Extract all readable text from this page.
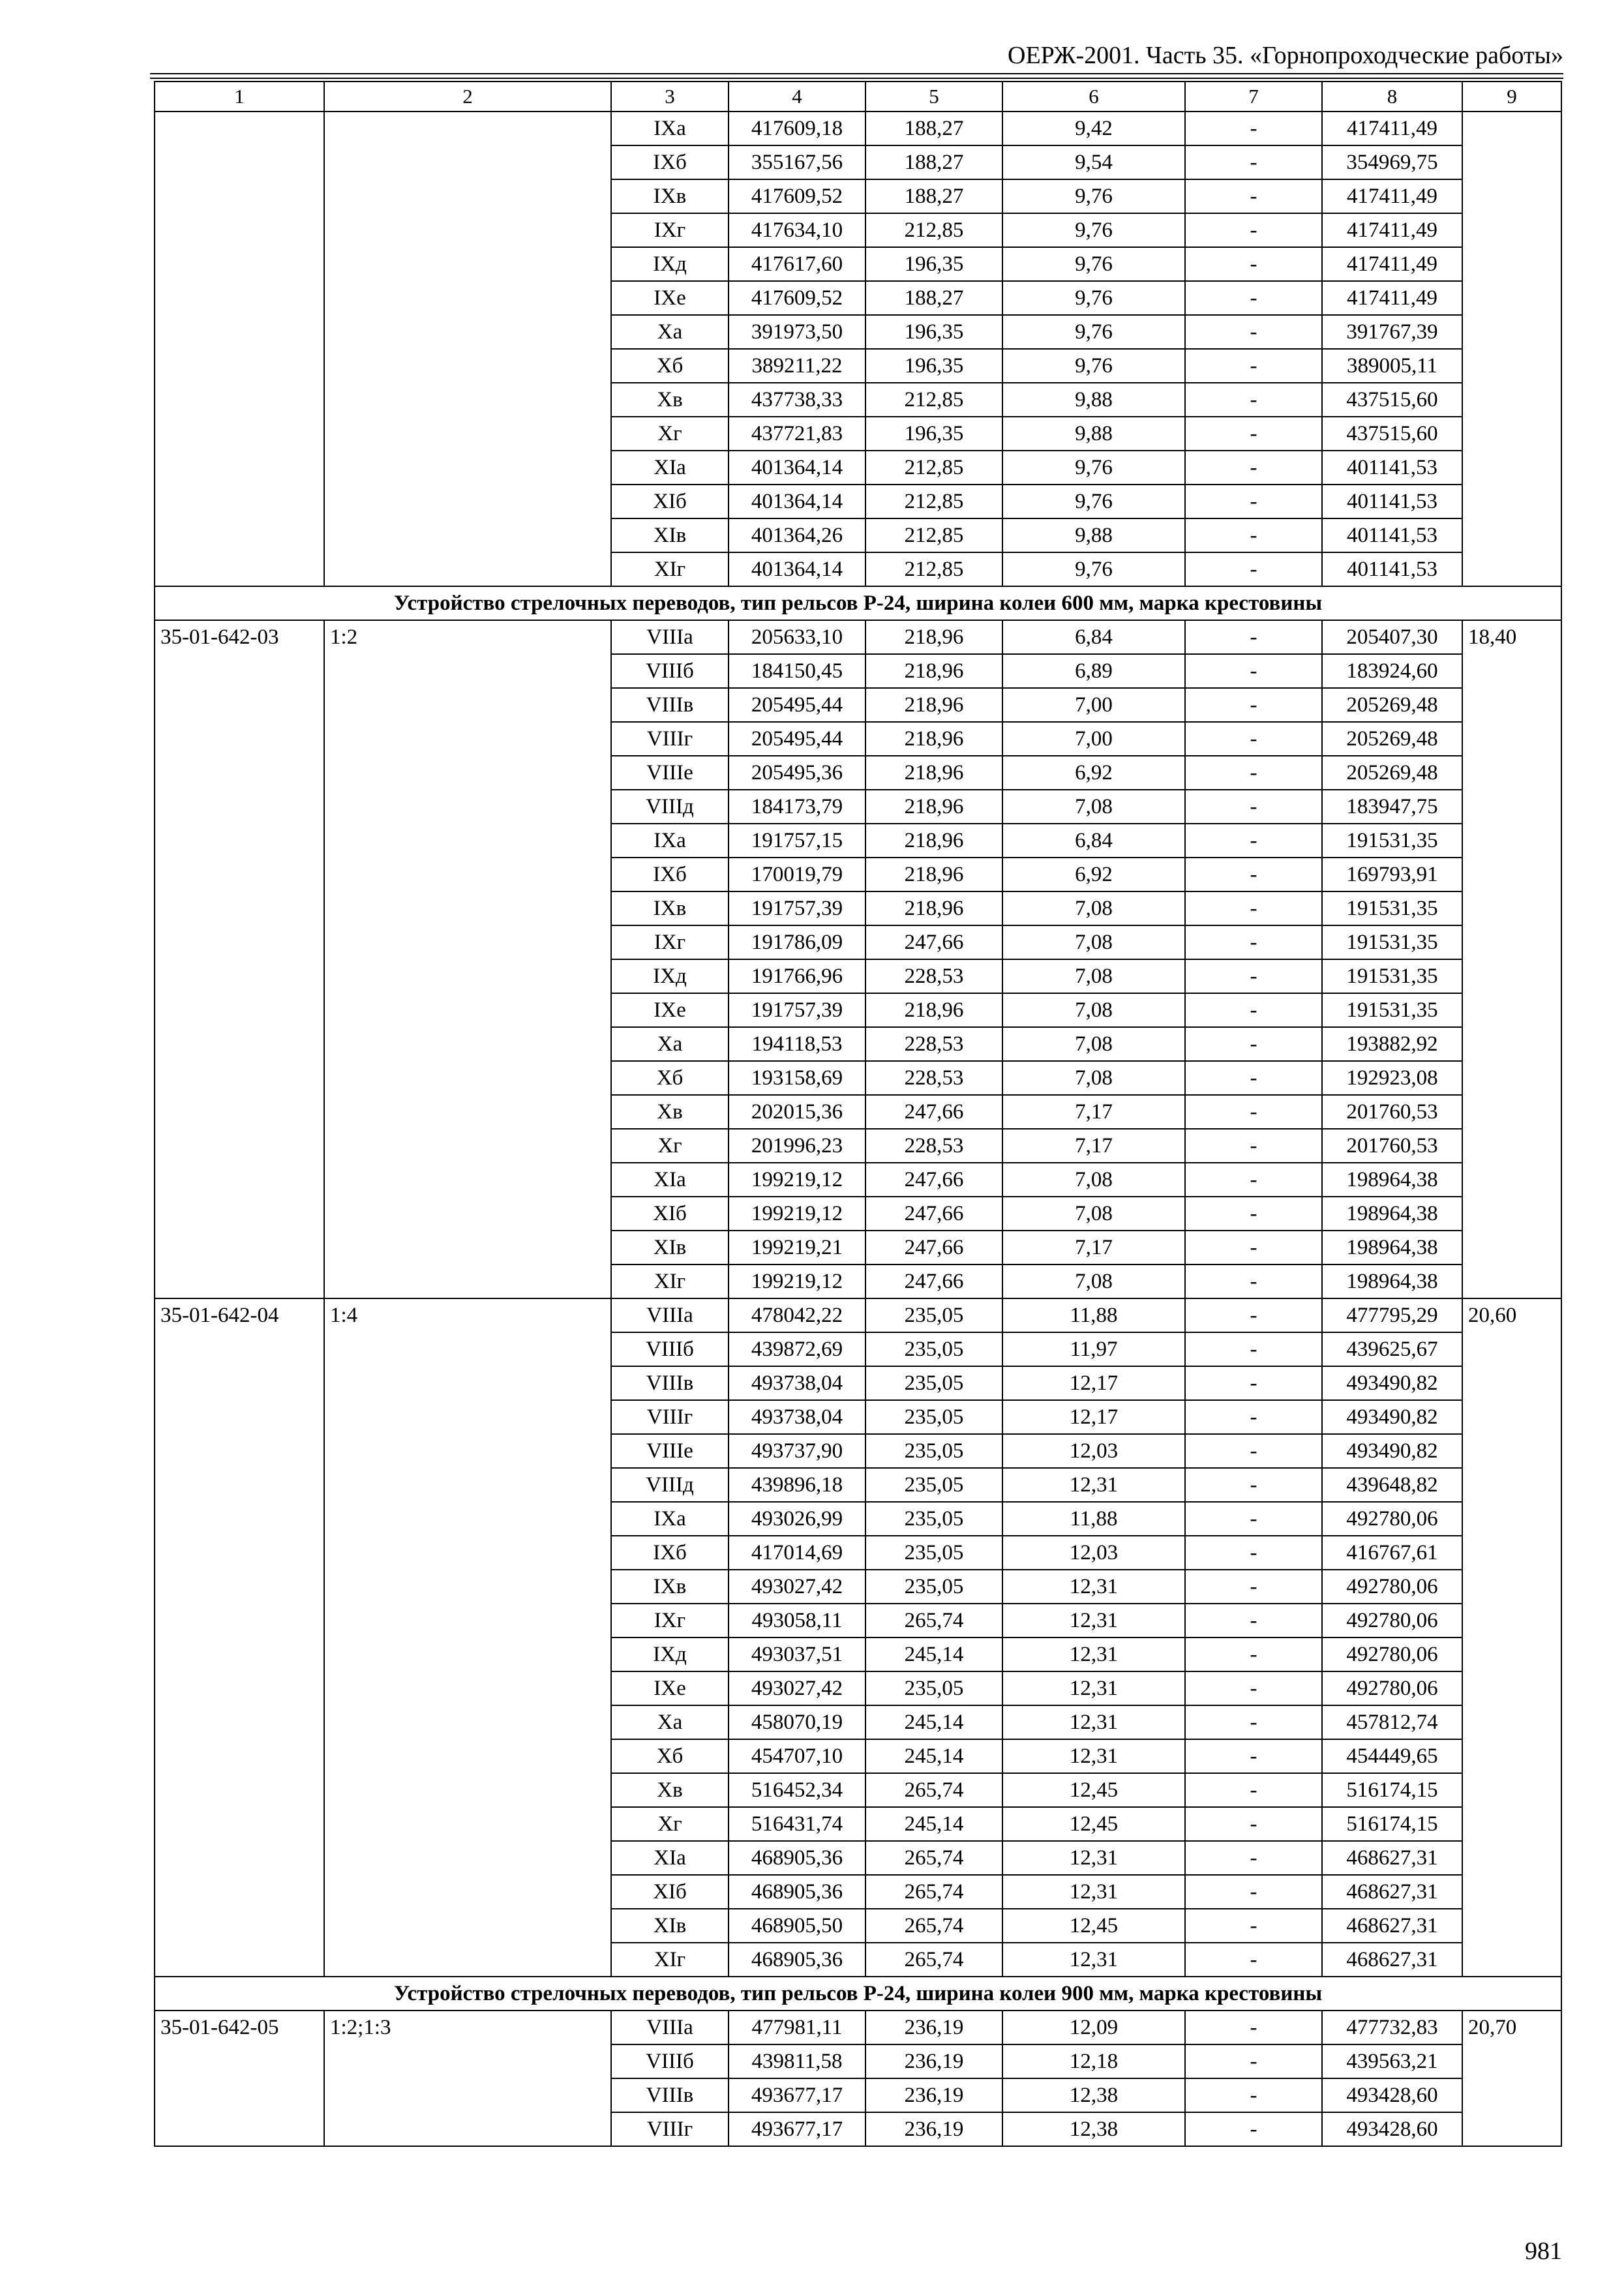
ОЕРЖ-2001. Часть 35. «Горнопроходческие работы»
1	2	3	4	5	6	7	8	9
		IXа	417609,18	188,27	9,42	-	417411,49	
		IXб	355167,56	188,27	9,54	-	354969,75	
		IXв	417609,52	188,27	9,76	-	417411,49	
		IXг	417634,10	212,85	9,76	-	417411,49	
		IXд	417617,60	196,35	9,76	-	417411,49	
		IXе	417609,52	188,27	9,76	-	417411,49	
		Xа	391973,50	196,35	9,76	-	391767,39	
		Xб	389211,22	196,35	9,76	-	389005,11	
		Xв	437738,33	212,85	9,88	-	437515,60	
		Xг	437721,83	196,35	9,88	-	437515,60	
		XIа	401364,14	212,85	9,76	-	401141,53	
		XIб	401364,14	212,85	9,76	-	401141,53	
		XIв	401364,26	212,85	9,88	-	401141,53	
		XIг	401364,14	212,85	9,76	-	401141,53	
Устройство стрелочных переводов, тип рельсов Р-24, ширина колеи 600 мм, марка крестовины								
35-01-642-03	1:2	VIIIа	205633,10	218,96	6,84	-	205407,30	18,40
		VIIIб	184150,45	218,96	6,89	-	183924,60	
		VIIIв	205495,44	218,96	7,00	-	205269,48	
		VIIIг	205495,44	218,96	7,00	-	205269,48	
		VIIIе	205495,36	218,96	6,92	-	205269,48	
		VIIIд	184173,79	218,96	7,08	-	183947,75	
		IXа	191757,15	218,96	6,84	-	191531,35	
		IXб	170019,79	218,96	6,92	-	169793,91	
		IXв	191757,39	218,96	7,08	-	191531,35	
		IXг	191786,09	247,66	7,08	-	191531,35	
		IXд	191766,96	228,53	7,08	-	191531,35	
		IXе	191757,39	218,96	7,08	-	191531,35	
		Xа	194118,53	228,53	7,08	-	193882,92	
		Xб	193158,69	228,53	7,08	-	192923,08	
		Xв	202015,36	247,66	7,17	-	201760,53	
		Xг	201996,23	228,53	7,17	-	201760,53	
		XIа	199219,12	247,66	7,08	-	198964,38	
		XIб	199219,12	247,66	7,08	-	198964,38	
		XIв	199219,21	247,66	7,17	-	198964,38	
		XIг	199219,12	247,66	7,08	-	198964,38	
35-01-642-04	1:4	VIIIа	478042,22	235,05	11,88	-	477795,29	20,60
		VIIIб	439872,69	235,05	11,97	-	439625,67	
		VIIIв	493738,04	235,05	12,17	-	493490,82	
		VIIIг	493738,04	235,05	12,17	-	493490,82	
		VIIIе	493737,90	235,05	12,03	-	493490,82	
		VIIIд	439896,18	235,05	12,31	-	439648,82	
		IXа	493026,99	235,05	11,88	-	492780,06	
		IXб	417014,69	235,05	12,03	-	416767,61	
		IXв	493027,42	235,05	12,31	-	492780,06	
		IXг	493058,11	265,74	12,31	-	492780,06	
		IXд	493037,51	245,14	12,31	-	492780,06	
		IXе	493027,42	235,05	12,31	-	492780,06	
		Xа	458070,19	245,14	12,31	-	457812,74	
		Xб	454707,10	245,14	12,31	-	454449,65	
		Xв	516452,34	265,74	12,45	-	516174,15	
		Xг	516431,74	245,14	12,45	-	516174,15	
		XIа	468905,36	265,74	12,31	-	468627,31	
		XIб	468905,36	265,74	12,31	-	468627,31	
		XIв	468905,50	265,74	12,45	-	468627,31	
		XIг	468905,36	265,74	12,31	-	468627,31	
Устройство стрелочных переводов, тип рельсов Р-24, ширина колеи 900 мм, марка крестовины								
35-01-642-05	1:2;1:3	VIIIа	477981,11	236,19	12,09	-	477732,83	20,70
		VIIIб	439811,58	236,19	12,18	-	439563,21	
		VIIIв	493677,17	236,19	12,38	-	493428,60	
		VIIIг	493677,17	236,19	12,38	-	493428,60	
981
